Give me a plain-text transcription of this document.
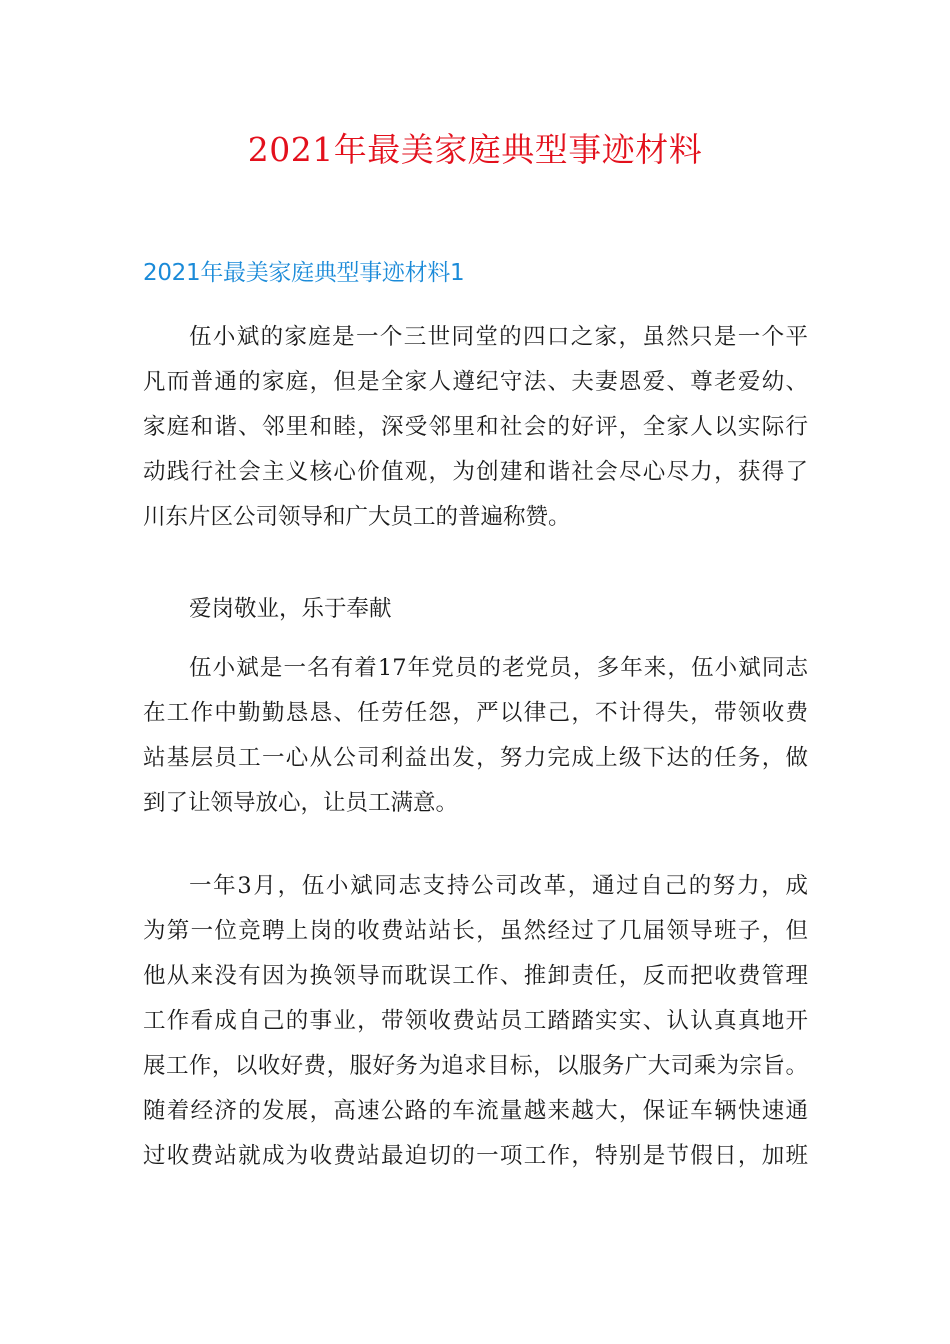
2021年最美家庭典型事迹材料
2021年最美家庭典型事迹材料1
伍小斌的家庭是一个三世同堂的四口之家，虽然只是一个平
凡而普通的家庭，但是全家人遵纪守法、夫妻恩爱、尊老爱幼、
家庭和谐、邻里和睦，深受邻里和社会的好评，全家人以实际行
动践行社会主义核心价值观，为创建和谐社会尽心尽力，获得了
川东片区公司领导和广大员工的普遍称赞。
爱岗敬业，乐于奉献
伍小斌是一名有着17年党员的老党员，多年来，伍小斌同志
在工作中勤勤恳恳、任劳任怨，严以律己，不计得失，带领收费
站基层员工一心从公司利益出发，努力完成上级下达的任务，做
到了让领导放心，让员工满意。
一年3月，伍小斌同志支持公司改革，通过自己的努力，成
为第一位竞聘上岗的收费站站长，虽然经过了几届领导班子，但
他从来没有因为换领导而耽误工作、推卸责任，反而把收费管理
工作看成自己的事业，带领收费站员工踏踏实实、认认真真地开
展工作，以收好费，服好务为追求目标，以服务广大司乘为宗旨。
随着经济的发展，高速公路的车流量越来越大，保证车辆快速通
过收费站就成为收费站最迫切的一项工作，特别是节假日，加班
